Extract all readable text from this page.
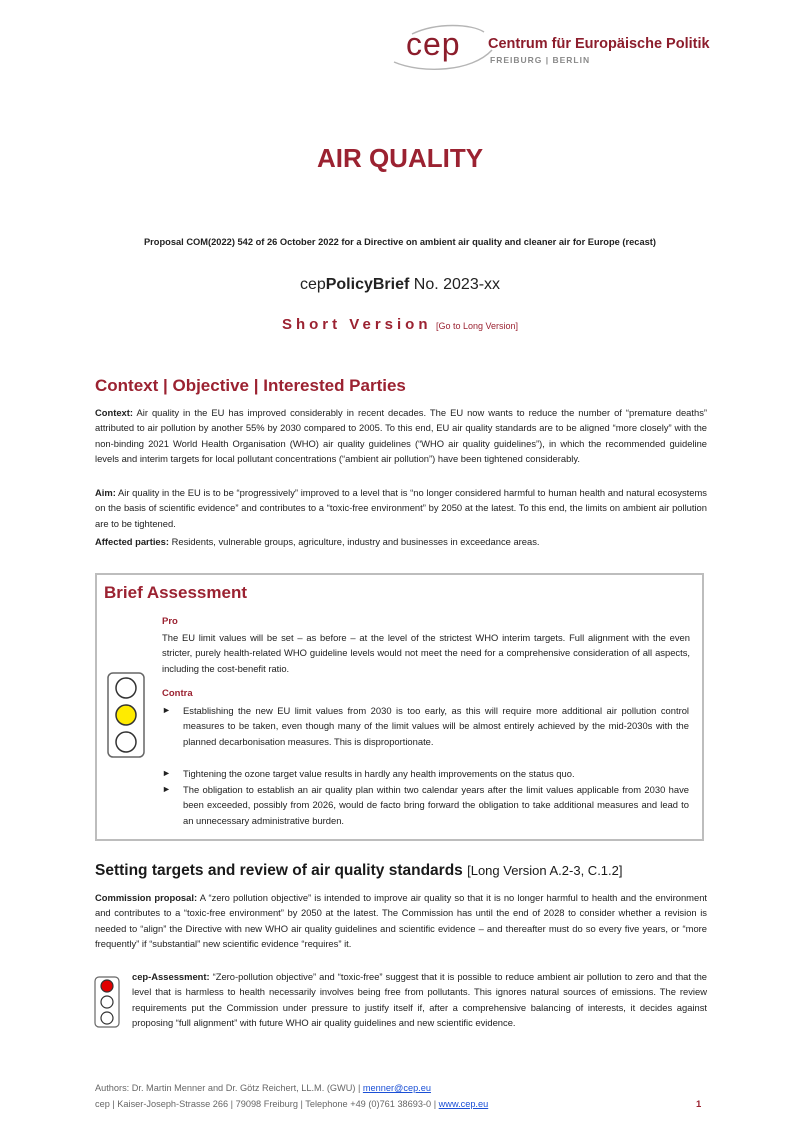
cep Centrum für Europäische Politik
FREIBURG | BERLIN
AIR QUALITY
Proposal COM(2022) 542 of 26 October 2022 for a Directive on ambient air quality and cleaner air for Europe (recast)
cepPolicyBrief No. 2023-xx
Short Version [Go to Long Version]
Context | Objective | Interested Parties
Context: Air quality in the EU has improved considerably in recent decades. The EU now wants to reduce the number of “premature deaths” attributed to air pollution by another 55% by 2030 compared to 2005. To this end, EU air quality standards are to be aligned “more closely” with the non-binding 2021 World Health Organisation (WHO) air quality guidelines (“WHO air quality guidelines”), in which the recommended guideline levels and interim targets for local pollutant concentrations (“ambient air pollution”) have been tightened considerably.
Aim: Air quality in the EU is to be “progressively” improved to a level that is “no longer considered harmful to human health and natural ecosystems on the basis of scientific evidence” and contributes to a “toxic-free environment” by 2050 at the latest. To this end, the limits on ambient air pollution are to be tightened.
Affected parties: Residents, vulnerable groups, agriculture, industry and businesses in exceedance areas.
Brief Assessment
Pro
The EU limit values will be set – as before – at the level of the strictest WHO interim targets. Full alignment with the even stricter, purely health-related WHO guideline levels would not meet the need for a comprehensive consideration of all aspects, including the cost-benefit ratio.
Contra
► Establishing the new EU limit values from 2030 is too early, as this will require more additional air pollution control measures to be taken, even though many of the limit values will be almost entirely achieved by the mid-2030s with the planned decarbonisation measures. This is disproportionate.
► Tightening the ozone target value results in hardly any health improvements on the status quo.
► The obligation to establish an air quality plan within two calendar years after the limit values applicable from 2030 have been exceeded, possibly from 2026, would de facto bring forward the obligation to take additional measures and lead to an unnecessary administrative burden.
Setting targets and review of air quality standards [Long Version A.2-3, C.1.2]
Commission proposal: A “zero pollution objective” is intended to improve air quality so that it is no longer harmful to health and the environment and contributes to a “toxic-free environment” by 2050 at the latest. The Commission has until the end of 2028 to consider whether a revision is needed to “align” the Directive with new WHO air quality guidelines and scientific evidence – and thereafter must do so every five years, or “more frequently” if “substantial” new scientific evidence “requires” it.
cep-Assessment: “Zero-pollution objective” and “toxic-free” suggest that it is possible to reduce ambient air pollution to zero and that the level that is harmless to health necessarily involves being free from pollutants. This ignores natural sources of emissions. The review requirements put the Commission under pressure to justify itself if, after a comprehensive balancing of interests, it decides against proposing “full alignment” with future WHO air quality guidelines and new scientific evidence.
Authors: Dr. Martin Menner and Dr. Götz Reichert, LL.M. (GWU) | menner@cep.eu
cep | Kaiser-Joseph-Strasse 266 | 79098 Freiburg | Telephone +49 (0)761 38693-0 | www.cep.eu	1
